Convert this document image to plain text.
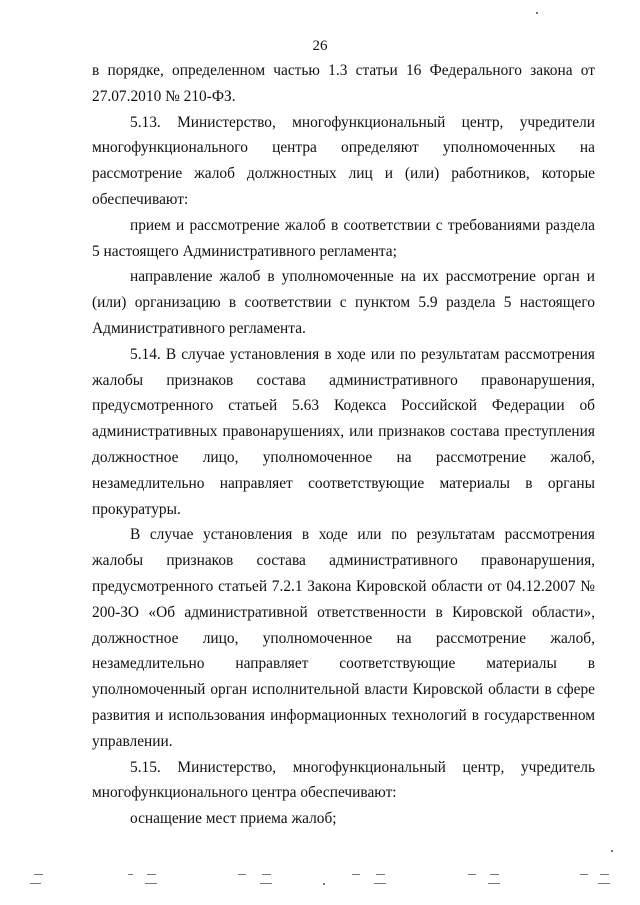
26

в порядке, определенном частью 1.3 статьи 16 Федерального закона от 27.07.2010 № 210-ФЗ.

5.13. Министерство, многофункциональный центр, учредители многофункционального центра определяют уполномоченных на рассмотрение жалоб должностных лиц и (или) работников, которые обеспечивают:

прием и рассмотрение жалоб в соответствии с требованиями раздела 5 настоящего Административного регламента;

направление жалоб в уполномоченные на их рассмотрение орган и (или) организацию в соответствии с пунктом 5.9 раздела 5 настоящего Административного регламента.

5.14. В случае установления в ходе или по результатам рассмотрения жалобы признаков состава административного правонарушения, предусмотренного статьей 5.63 Кодекса Российской Федерации об административных правонарушениях, или признаков состава преступления должностное лицо, уполномоченное на рассмотрение жалоб, незамедлительно направляет соответствующие материалы в органы прокуратуры.

В случае установления в ходе или по результатам рассмотрения жалобы признаков состава административного правонарушения, предусмотренного статьей 7.2.1 Закона Кировской области от 04.12.2007 № 200-ЗО «Об административной ответственности в Кировской области», должностное лицо, уполномоченное на рассмотрение жалоб, незамедлительно направляет соответствующие материалы в уполномоченный орган исполнительной власти Кировской области в сфере развития и использования информационных технологий в государственном управлении.

5.15. Министерство, многофункциональный центр, учредитель многофункционального центра обеспечивают:

оснащение мест приема жалоб;
